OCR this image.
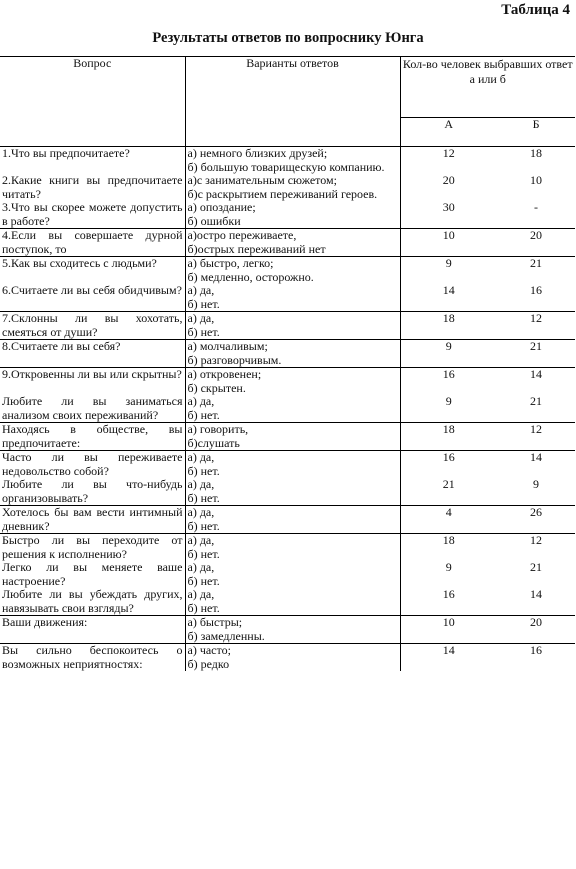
Таблица 4
Результаты ответов по вопроснику Юнга
Вопрос	Варианты ответов	Кол-во человек выбравших ответ а или б	
		А	Б
1.Что вы предпочитаете?	а) немного близких друзей;
б) большую товарищескую компанию.	12	18
2.Какие книги вы предпочитаете читать?	а)с занимательным сюжетом;
б)с раскрытием переживаний героев.	20	10
3.Что вы скорее можете допустить в работе?	а) опоздание;
б) ошибки	30	-
4.Если вы совершаете дурной поступок, то	а)остро переживаете,
б)острых переживаний нет	10	20
5.Как вы сходитесь с людьми?	а) быстро, легко;
б) медленно, осторожно.	9	21
6.Считаете ли вы себя обидчивым?	а) да,
б) нет.	14	16
7.Склонны ли вы хохотать, смеяться от души?	а) да,
б) нет.	18	12
8.Считаете ли вы себя?	а) молчаливым;
б) разговорчивым.	9	21
9.Откровенны ли вы или скрытны?	а) откровенен;
б) скрытен.	16	14
Любите ли вы заниматься анализом своих переживаний?	а) да,
б) нет.	9	21
Находясь в обществе, вы предпочитаете:	а) говорить,
б)слушать	18	12
Часто ли вы переживаете недовольство собой?	а) да,
б) нет.	16	14
Любите ли вы что-нибудь организовывать?	а) да,
б) нет.	21	9
Хотелось бы вам вести интимный дневник?	а) да,
б) нет.	4	26
Быстро ли вы переходите от решения к исполнению?	а) да,
б) нет.	18	12
Легко ли вы меняете ваше настроение?	а) да,
б) нет.	9	21
Любите ли вы убеждать других, навязывать свои взгляды?	а) да,
б) нет.	16	14
Ваши движения:	а) быстры;
б) замедленны.	10	20
Вы сильно беспокоитесь о возможных неприятностях:	а) часто;
б) редко	14	16
